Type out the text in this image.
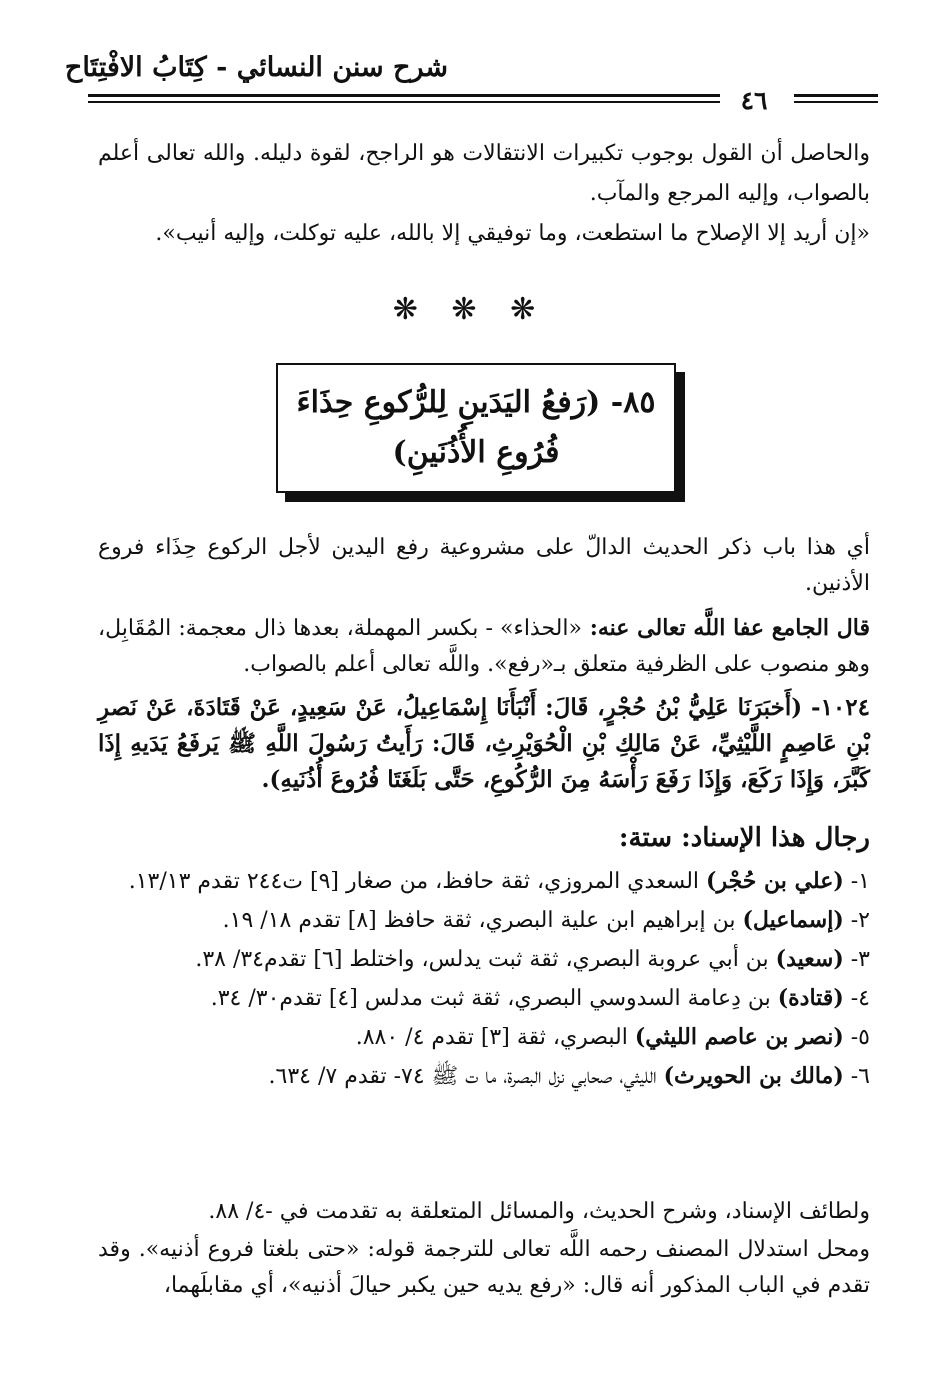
شرح سنن النسائي - كِتَابُ الافْتِتَاح
٤٦
والحاصل أن القول بوجوب تكبيرات الانتقالات هو الراجح، لقوة دليله. والله تعالى أعلم بالصواب، وإليه المرجع والمآب.
«إن أريد إلا الإصلاح ما استطعت، وما توفيقي إلا بالله، عليه توكلت، وإليه أنيب».
❋ ❋ ❋
٨٥- (رَفعُ اليَدَينِ لِلرُّكوعِ حِذَاءَ
فُرُوعِ الأُذُنَينِ)
أي هذا باب ذكر الحديث الدالّ على مشروعية رفع اليدين لأجل الركوع حِذَاء فروع الأذنين.
قال الجامع عفا اللَّه تعالى عنه: «الحذاء» - بكسر المهملة، بعدها ذال معجمة: المُقَابِل، وهو منصوب على الظرفية متعلق بـ«رفع». واللَّه تعالى أعلم بالصواب.
١٠٢٤- (أَخبَرَنَا عَلِيُّ بْنُ حُجْرٍ، قَالَ: أَنْبَأَنَا إِسْمَاعِيلُ، عَنْ سَعِيدٍ، عَنْ قَتَادَةَ، عَنْ نَصرِ بْنِ عَاصِمٍ اللَّيْثِيِّ، عَنْ مَالِكِ بْنِ الْحُوَيْرِثِ، قَالَ: رَأَيتُ رَسُولَ اللَّهِ ﷺ يَرفَعُ يَدَيهِ إِذَا كَبَّرَ، وَإِذَا رَكَعَ، وَإِذَا رَفَعَ رَأْسَهُ مِنَ الرُّكُوعِ، حَتَّى بَلَغَتَا فُرُوعَ أُذُنَيهِ).
رجال هذا الإسناد: ستة:
١- (علي بن حُجْر) السعدي المروزي، ثقة حافظ، من صغار [٩] ت٢٤٤ تقدم ١٣/١٣.
٢- (إسماعيل) بن إبراهيم ابن علية البصري، ثقة حافظ [٨] تقدم ١٨/ ١٩.
٣- (سعيد) بن أبي عروبة البصري، ثقة ثبت يدلس، واختلط [٦] تقدم٣٤/ ٣٨.
٤- (قتادة) بن دِعامة السدوسي البصري، ثقة ثبت مدلس [٤] تقدم٣٠/ ٣٤.
٥- (نصر بن عاصم الليثي) البصري، ثقة [٣] تقدم ٤/ ٨٨٠.
٦- (مالك بن الحويرث) الليثي، صحابي نزل البصرة، ما ت ﷺ ٧٤- تقدم ٧/ ٦٣٤.
ولطائف الإسناد، وشرح الحديث، والمسائل المتعلقة به تقدمت في -٤/ ٨٨.
ومحل استدلال المصنف رحمه اللَّه تعالى للترجمة قوله: «حتى بلغتا فروع أذنيه». وقد تقدم في الباب المذكور أنه قال: «رفع يديه حين يكبر حيالَ أذنيه»، أي مقابلَهما،
